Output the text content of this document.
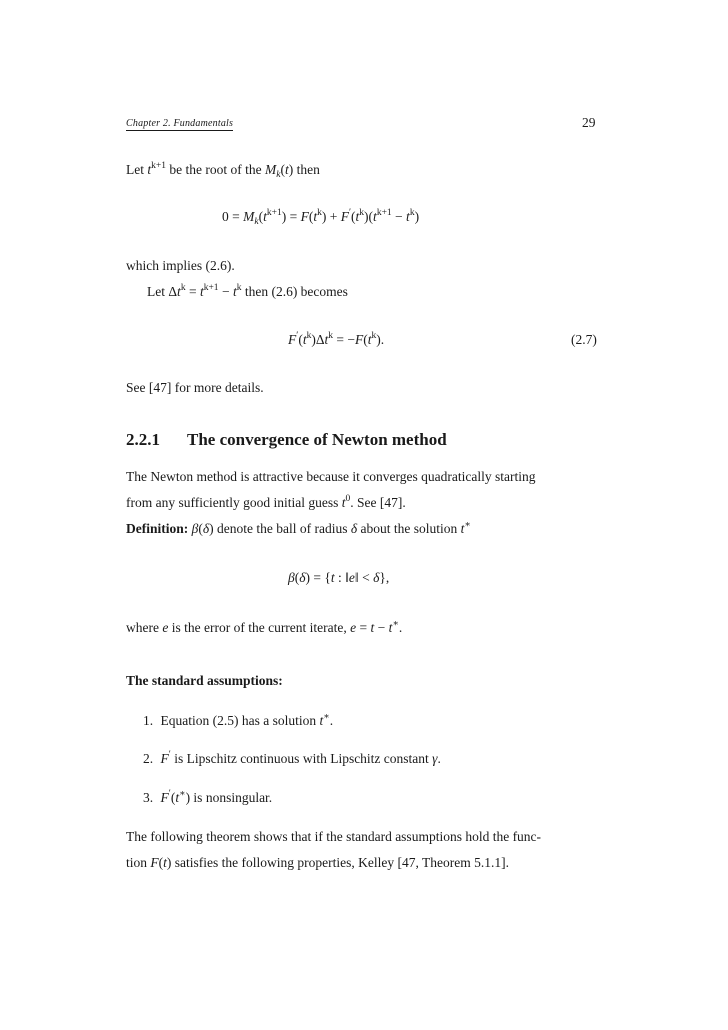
Chapter 2. Fundamentals	29
Let $t^{k+1}$ be the root of the $M_k(t)$ then
$0 = M_k(t^{k+1}) = F(t^k) + F'(t^k)(t^{k+1} - t^k)$
which implies (2.6).
Let $\Delta t^k = t^{k+1} - t^k$ then (2.6) becomes
$F'(t^k)\Delta t^k = -F(t^k)$.	(2.7)
See [47] for more details.
2.2.1 The convergence of Newton method
The Newton method is attractive because it converges quadratically starting
from any sufficiently good initial guess $t^0$. See [47].
Definition: β(δ) denote the ball of radius δ about the solution t∗
β(δ) = {t : ‖e‖ < δ},
where e is the error of the current iterate, e = t − t∗.
The standard assumptions:
1. Equation (2.5) has a solution t∗.
2. F′ is Lipschitz continuous with Lipschitz constant γ.
3. F′(t∗) is nonsingular.
The following theorem shows that if the standard assumptions hold the func-
tion F(t) satisfies the following properties, Kelley [47, Theorem 5.1.1].
